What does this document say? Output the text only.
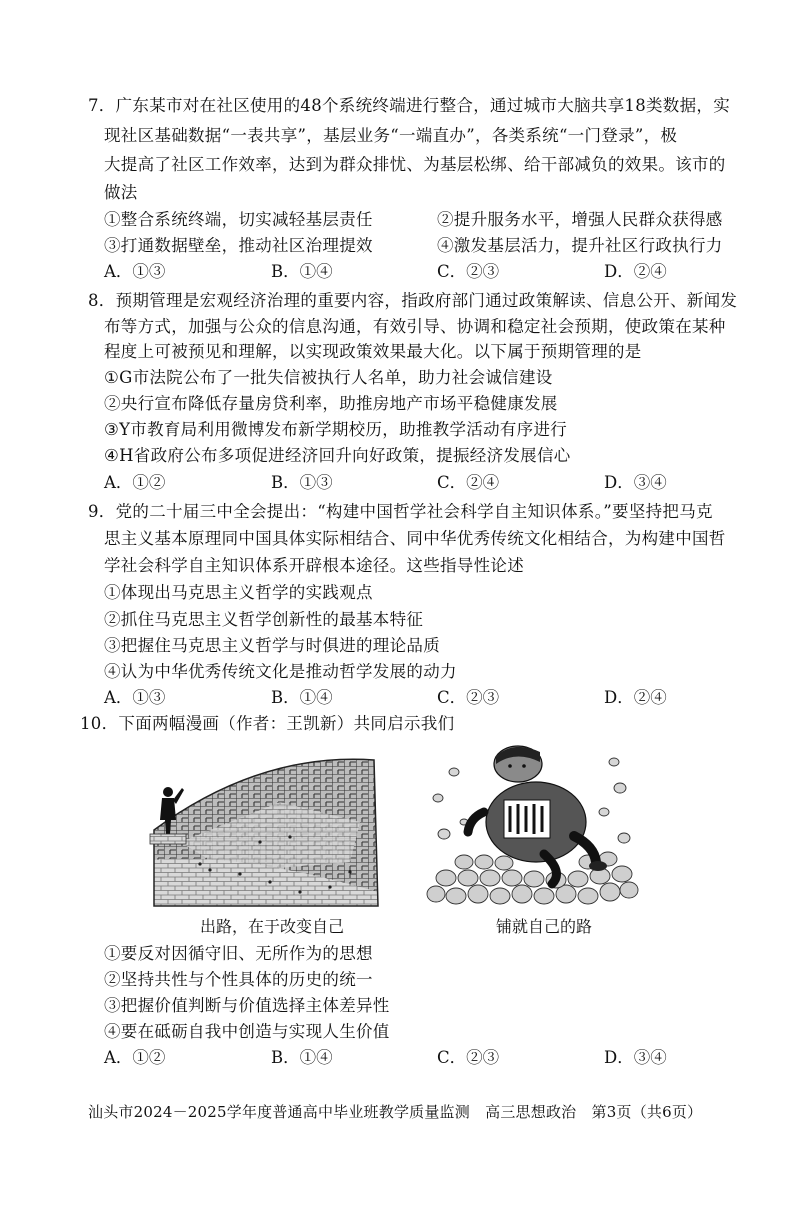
7．广东某市对在社区使用的48个系统终端进行整合，通过城市大脑共享18类数据，实
现社区基础数据“一表共享”，基层业务“一端直办”，各类系统“一门登录”，极
大提高了社区工作效率，达到为群众排忧、为基层松绑、给干部减负的效果。该市的
做法
①整合系统终端，切实减轻基层责任	②提升服务水平，增强人民群众获得感
③打通数据壁垒，推动社区治理提效	④激发基层活力，提升社区行政执行力
A．①③	B．①④	C．②③	D．②④
8．预期管理是宏观经济治理的重要内容，指政府部门通过政策解读、信息公开、新闻发
布等方式，加强与公众的信息沟通，有效引导、协调和稳定社会预期，使政策在某种
程度上可被预见和理解，以实现政策效果最大化。以下属于预期管理的是
①G市法院公布了一批失信被执行人名单，助力社会诚信建设
②央行宣布降低存量房贷利率，助推房地产市场平稳健康发展
③Y市教育局利用微博发布新学期校历，助推教学活动有序进行
④H省政府公布多项促进经济回升向好政策，提振经济发展信心
A．①②	B．①③	C．②④	D．③④
9．党的二十届三中全会提出：“构建中国哲学社会科学自主知识体系。”要坚持把马克
思主义基本原理同中国具体实际相结合、同中华优秀传统文化相结合，为构建中国哲
学社会科学自主知识体系开辟根本途径。这些指导性论述
①体现出马克思主义哲学的实践观点
②抓住马克思主义哲学创新性的最基本特征
③把握住马克思主义哲学与时俱进的理论品质
④认为中华优秀传统文化是推动哲学发展的动力
A．①③	B．①④	C．②③	D．②④
10．下面两幅漫画（作者：王凯新）共同启示我们
出路，在于改变自己	铺就自己的路
①要反对因循守旧、无所作为的思想
②坚持共性与个性具体的历史的统一
③把握价值判断与价值选择主体差异性
④要在砥砺自我中创造与实现人生价值
A．①②	B．①④	C．②③	D．③④
汕头市2024－2025学年度普通高中毕业班教学质量监测　高三思想政治　第3页（共6页）
